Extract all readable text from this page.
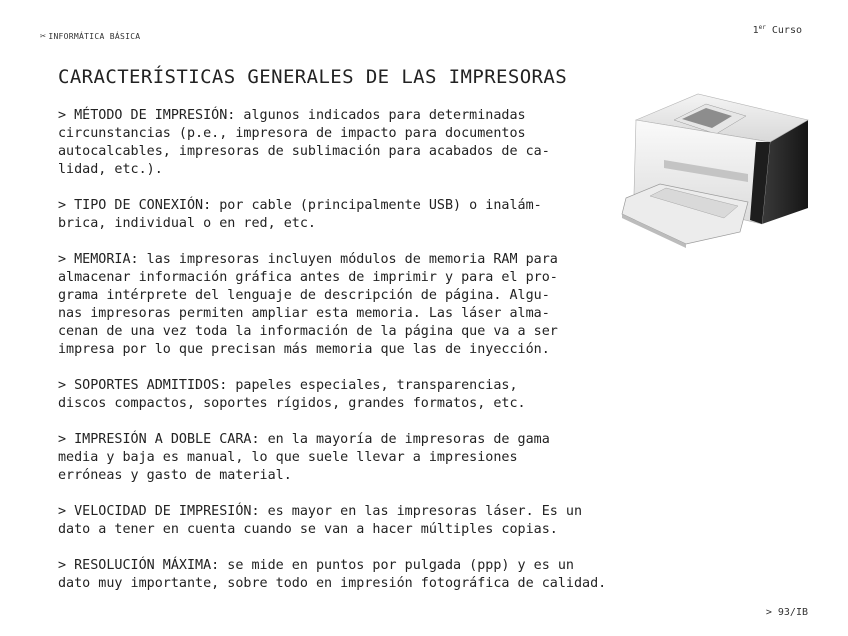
✂ INFORMÁTICA BÁSICA
1er Curso
CARACTERÍSTICAS GENERALES DE LAS IMPRESORAS

> MÉTODO DE IMPRESIÓN: algunos indicados para determinadas
circunstancias (p.e., impresora de impacto para documentos
autocalcables, impresoras de sublimación para acabados de ca-
lidad, etc.).

> TIPO DE CONEXIÓN: por cable (principalmente USB) o inalám-
brica, individual o en red, etc.

> MEMORIA: las impresoras incluyen módulos de memoria RAM para
almacenar información gráfica antes de imprimir y para el pro-
grama intérprete del lenguaje de descripción de página. Algu-
nas impresoras permiten ampliar esta memoria. Las láser alma-
cenan de una vez toda la información de la página que va a ser
impresa por lo que precisan más memoria que las de inyección.

> SOPORTES ADMITIDOS: papeles especiales, transparencias,
discos compactos, soportes rígidos, grandes formatos, etc.

> IMPRESIÓN A DOBLE CARA: en la mayoría de impresoras de gama
media y baja es manual, lo que suele llevar a impresiones
erróneas y gasto de material.

> VELOCIDAD DE IMPRESIÓN: es mayor en las impresoras láser. Es un
dato a tener en cuenta cuando se van a hacer múltiples copias.

> RESOLUCIÓN MÁXIMA: se mide en puntos por pulgada (ppp) y es un
dato muy importante, sobre todo en impresión fotográfica de calidad.

> 93/IB
